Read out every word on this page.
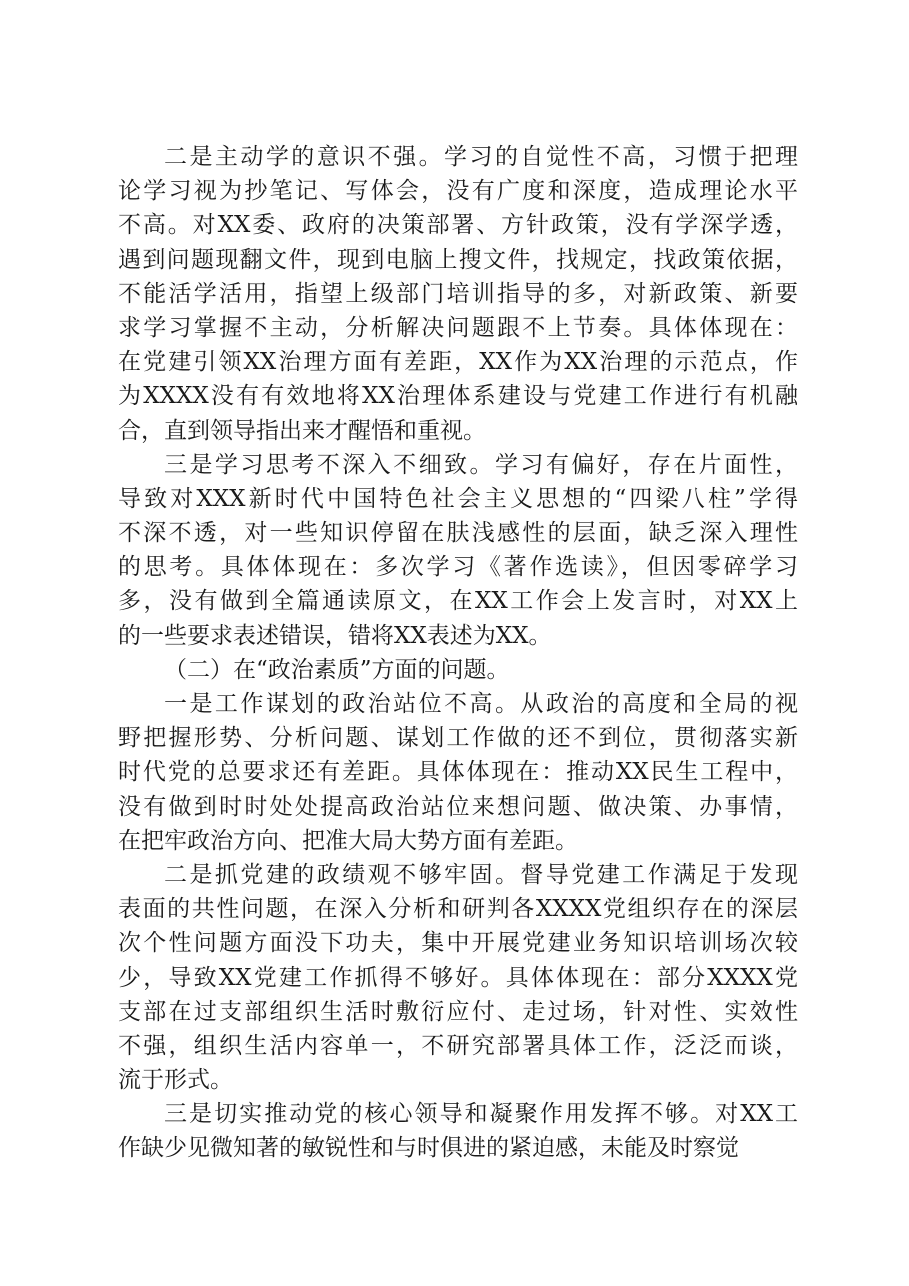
二是主动学的意识不强。学习的自觉性不高，习惯于把理
论学习视为抄笔记、写体会，没有广度和深度，造成理论水平
不高。对XX委、政府的决策部署、方针政策，没有学深学透，
遇到问题现翻文件，现到电脑上搜文件，找规定，找政策依据，
不能活学活用，指望上级部门培训指导的多，对新政策、新要
求学习掌握不主动，分析解决问题跟不上节奏。具体体现在：
在党建引领XX治理方面有差距，XX作为XX治理的示范点，作
为XXXX没有有效地将XX治理体系建设与党建工作进行有机融
合，直到领导指出来才醒悟和重视。
三是学习思考不深入不细致。学习有偏好，存在片面性，
导致对XXX新时代中国特色社会主义思想的“四梁八柱”学得
不深不透，对一些知识停留在肤浅感性的层面，缺乏深入理性
的思考。具体体现在：多次学习《著作选读》，但因零碎学习
多，没有做到全篇通读原文，在XX工作会上发言时，对XX上
的一些要求表述错误，错将XX表述为XX。
（二）在“政治素质”方面的问题。
一是工作谋划的政治站位不高。从政治的高度和全局的视
野把握形势、分析问题、谋划工作做的还不到位，贯彻落实新
时代党的总要求还有差距。具体体现在：推动XX民生工程中，
没有做到时时处处提高政治站位来想问题、做决策、办事情，
在把牢政治方向、把准大局大势方面有差距。
二是抓党建的政绩观不够牢固。督导党建工作满足于发现
表面的共性问题，在深入分析和研判各XXXX党组织存在的深层
次个性问题方面没下功夫，集中开展党建业务知识培训场次较
少，导致XX党建工作抓得不够好。具体体现在：部分XXXX党
支部在过支部组织生活时敷衍应付、走过场，针对性、实效性
不强，组织生活内容单一，不研究部署具体工作，泛泛而谈，
流于形式。
三是切实推动党的核心领导和凝聚作用发挥不够。对XX工
作缺少见微知著的敏锐性和与时俱进的紧迫感，未能及时察觉
